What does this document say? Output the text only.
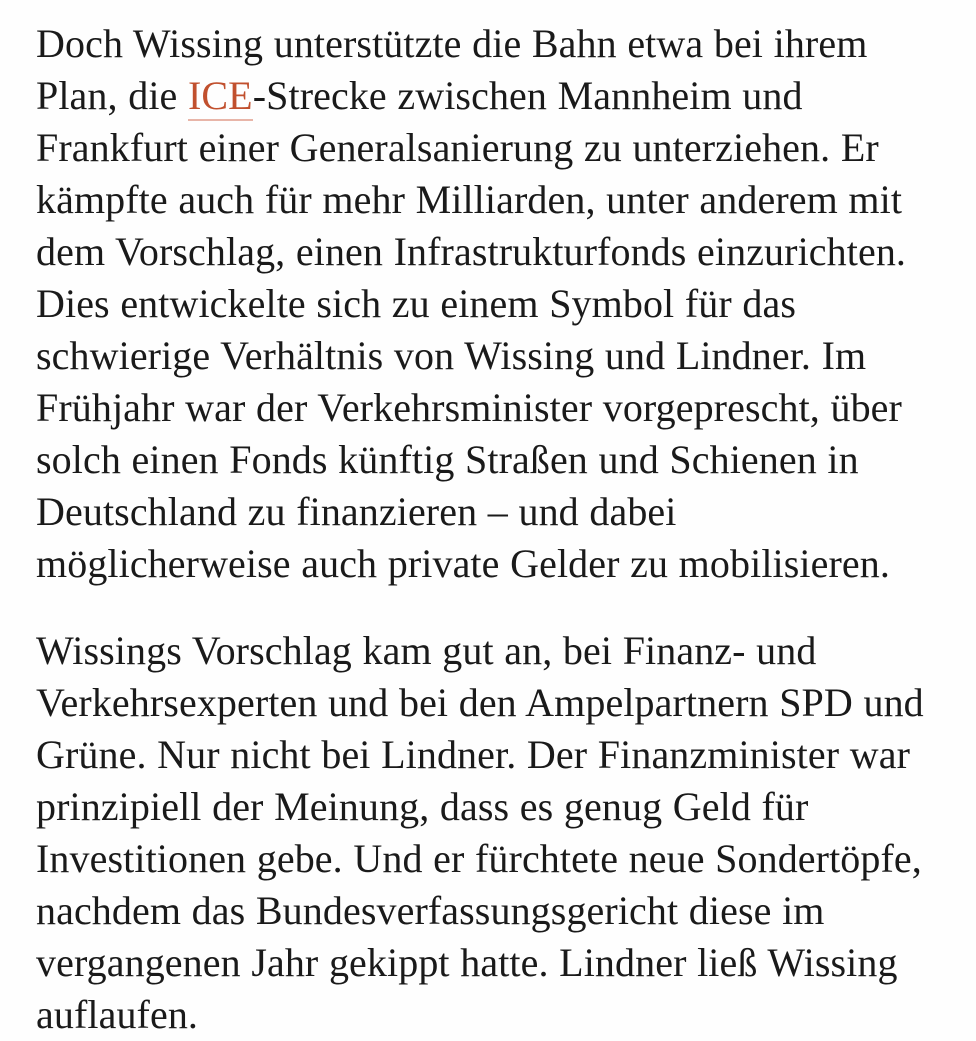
Doch Wissing unterstützte die Bahn etwa bei ihrem Plan, die ICE-Strecke zwischen Mannheim und Frankfurt einer Generalsanierung zu unterziehen. Er kämpfte auch für mehr Milliarden, unter anderem mit dem Vorschlag, einen Infrastrukturfonds einzurichten. Dies entwickelte sich zu einem Symbol für das schwierige Verhältnis von Wissing und Lindner. Im Frühjahr war der Verkehrsminister vorgeprescht, über solch einen Fonds künftig Straßen und Schienen in Deutschland zu finanzieren – und dabei möglicherweise auch private Gelder zu mobilisieren.

Wissings Vorschlag kam gut an, bei Finanz- und Verkehrsexperten und bei den Ampelpartnern SPD und Grüne. Nur nicht bei Lindner. Der Finanzminister war prinzipiell der Meinung, dass es genug Geld für Investitionen gebe. Und er fürchtete neue Sondertöpfe, nachdem das Bundesverfassungsgericht diese im vergangenen Jahr gekippt hatte. Lindner ließ Wissing auflaufen.
